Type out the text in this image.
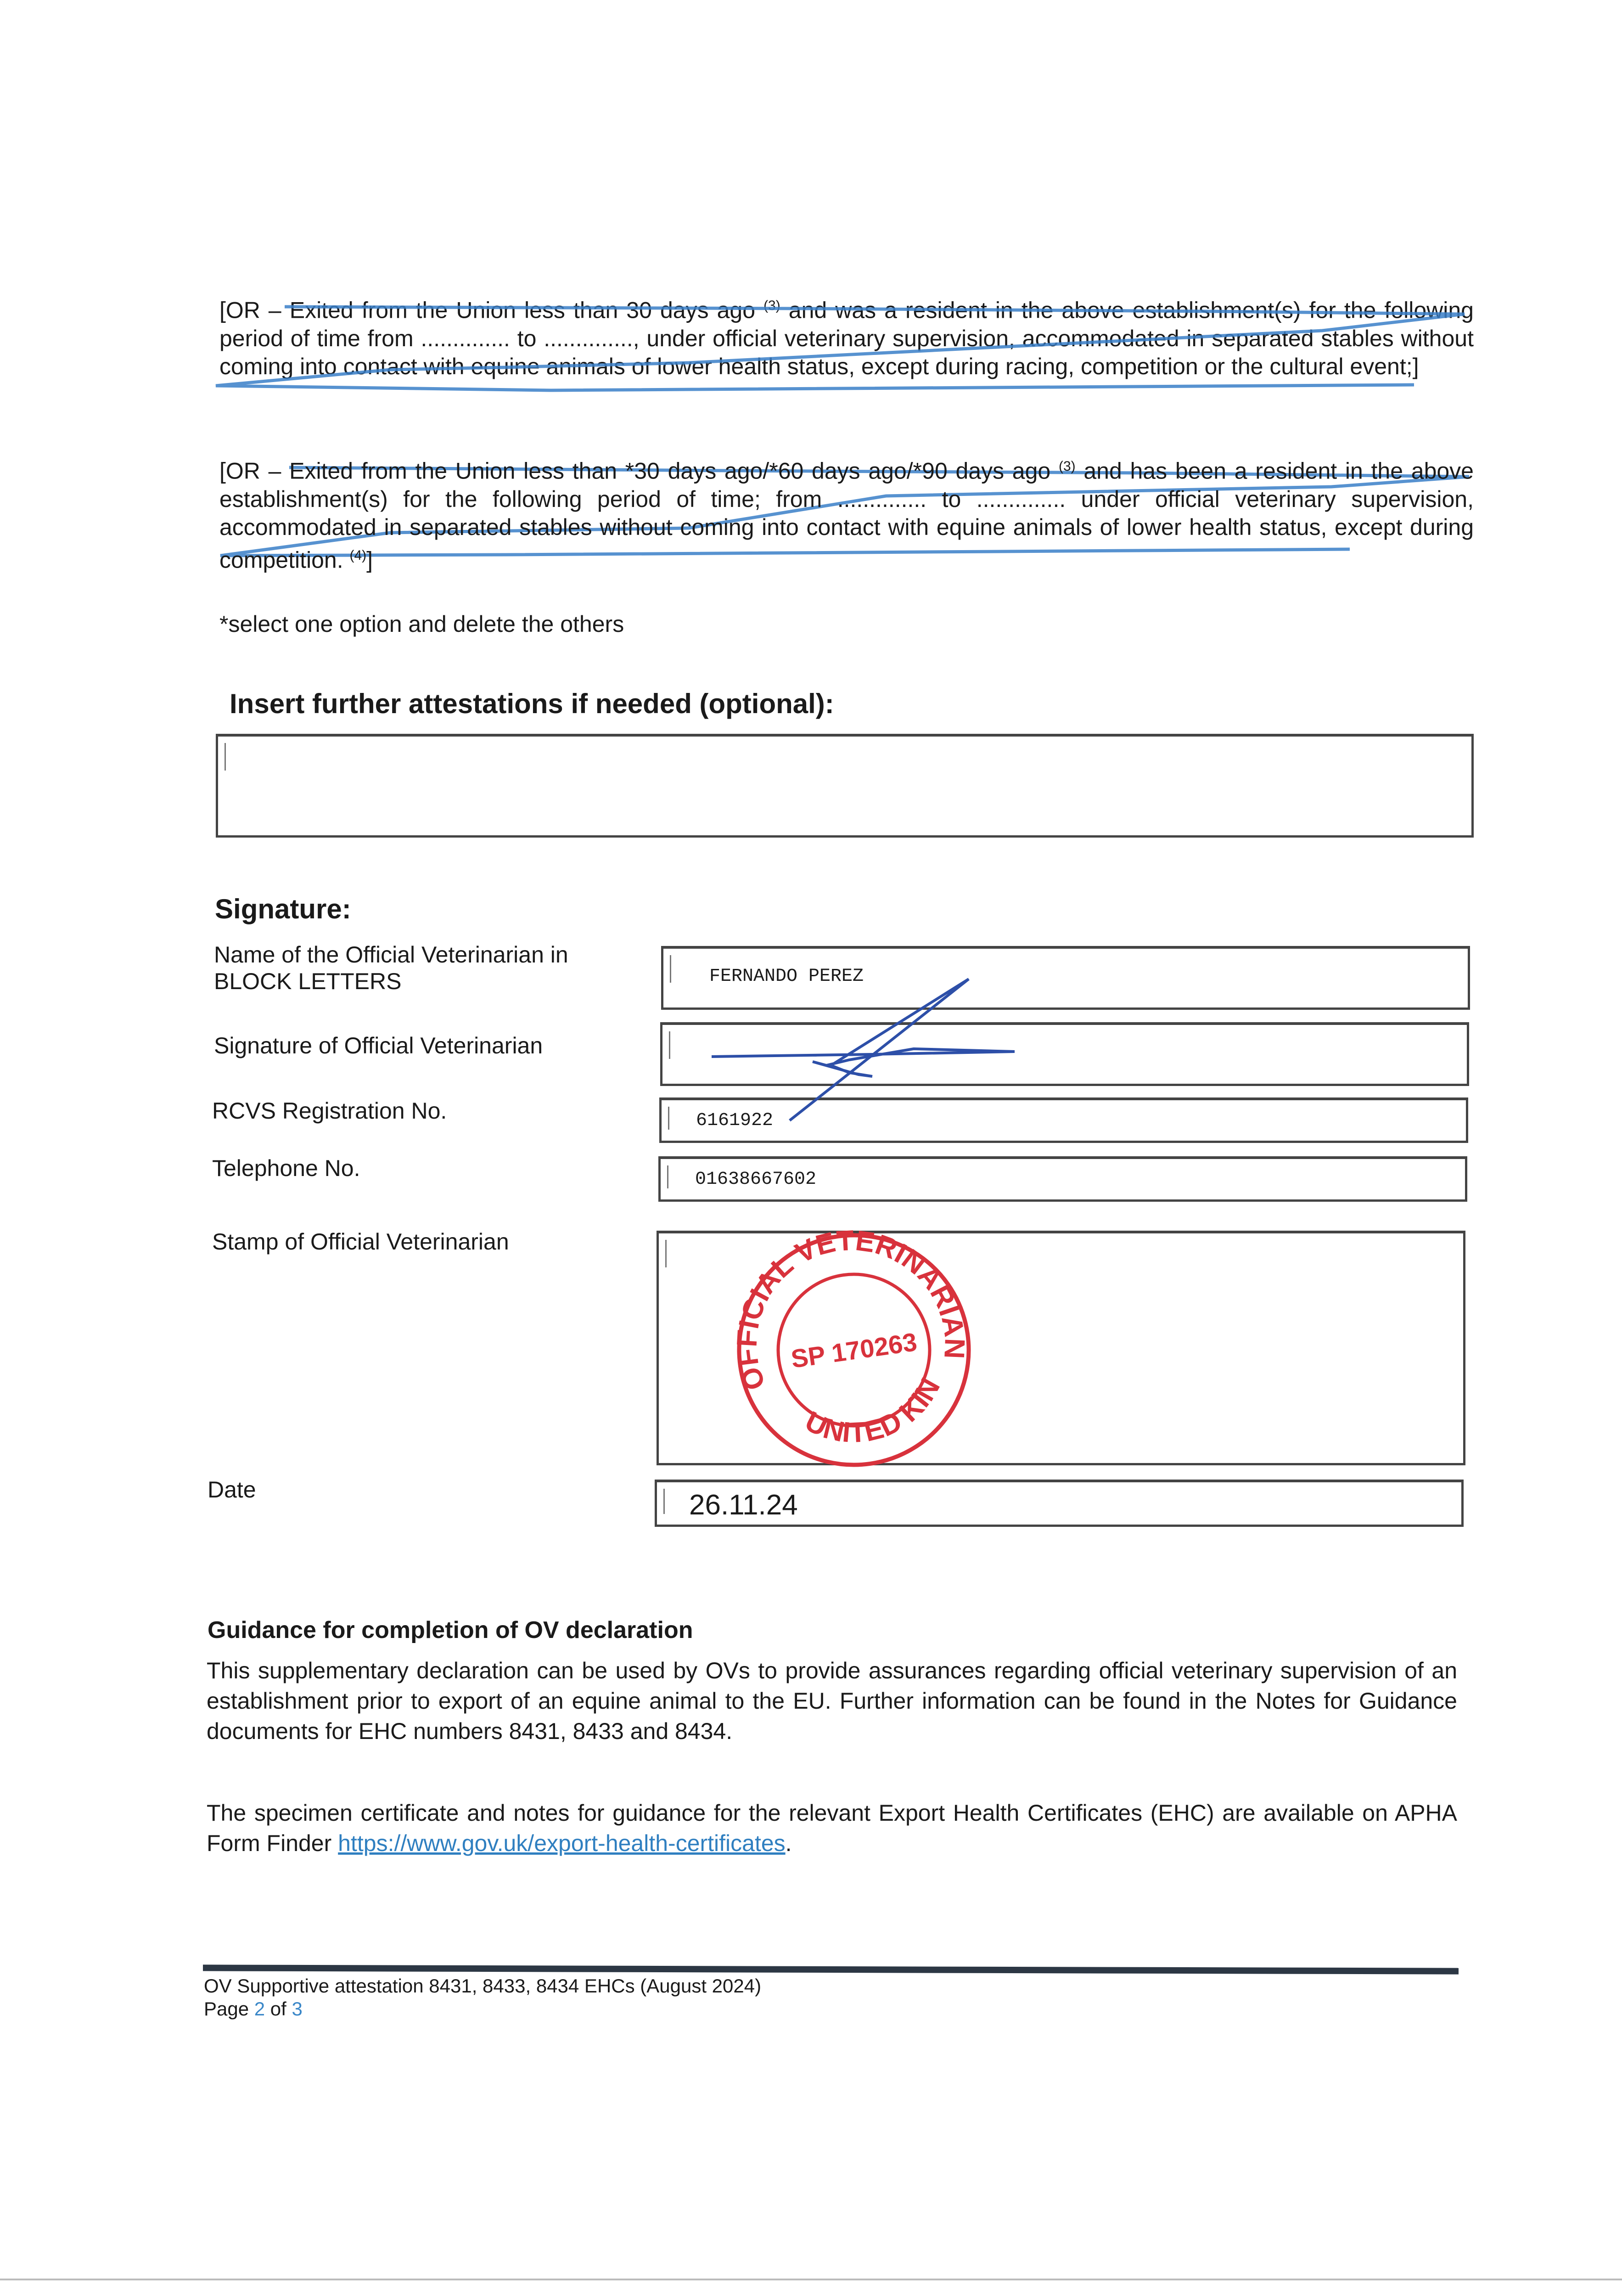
[OR – Exited from the Union less than 30 days ago $^{(3)}$ and was a resident in the above establishment(s) for the following period of time from .............. to .............., under official veterinary supervision, accommodated in separated stables without coming into contact with equine animals of lower health status, except during racing, competition or the cultural event;]
[OR – Exited from the Union less than *30 days ago/*60 days ago/*90 days ago $^{(3)}$ and has been a resident in the above establishment(s) for the following period of time; from .............. to .............. under official veterinary supervision, accommodated in separated stables without coming into contact with equine animals of lower health status, except during competition. $^{(4)}$]
*select one option and delete the others
Insert further attestations if needed (optional):
Signature:
Name of the Official Veterinarian in BLOCK LETTERS	FERNANDO PEREZ
Signature of Official Veterinarian
RCVS Registration No.	6161922
Telephone No.	01638667602
Stamp of Official Veterinarian
OFFICIAL VETERINARIAN
UNITED KINGDOM
SP 170263
Date	26.11.24
Guidance for completion of OV declaration
This supplementary declaration can be used by OVs to provide assurances regarding official veterinary supervision of an establishment prior to export of an equine animal to the EU. Further information can be found in the Notes for Guidance documents for EHC numbers 8431, 8433 and 8434.
The specimen certificate and notes for guidance for the relevant Export Health Certificates (EHC) are available on APHA Form Finder https://www.gov.uk/export-health-certificates.
OV Supportive attestation 8431, 8433, 8434 EHCs (August 2024)
Page 2 of 3
